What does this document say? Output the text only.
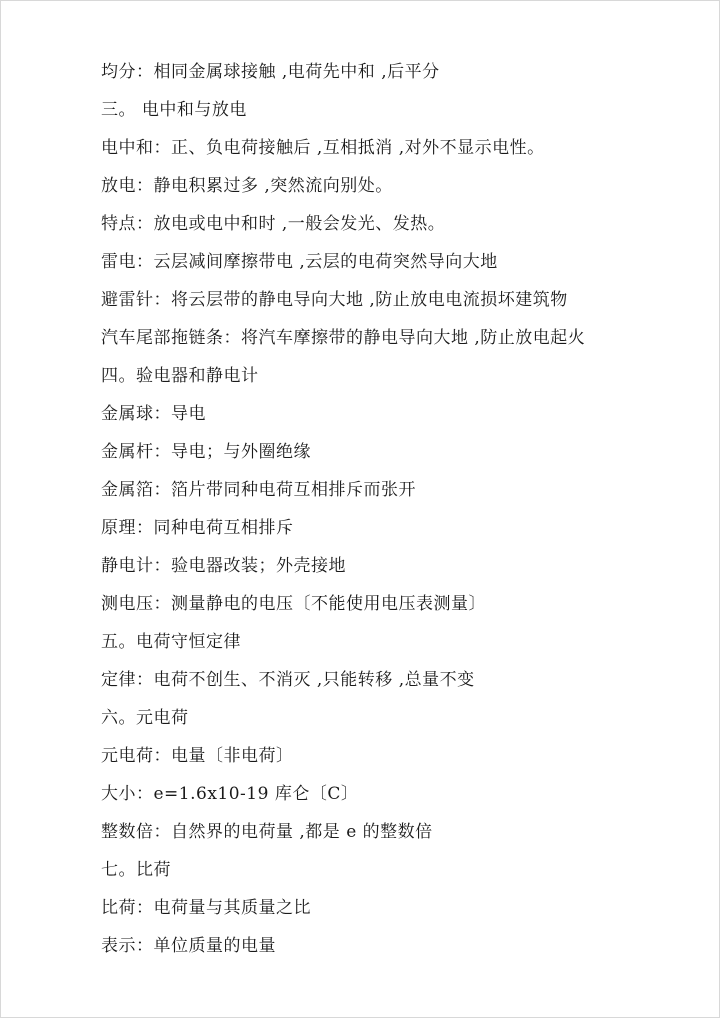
均分：相同金属球接触 ,电荷先中和 ,后平分
三。 电中和与放电
电中和：正、负电荷接触后 ,互相抵消 ,对外不显示电性。
放电：静电积累过多 ,突然流向别处。
特点：放电或电中和时 ,一般会发光、发热。
雷电：云层减间摩擦带电 ,云层的电荷突然导向大地
避雷针：将云层带的静电导向大地 ,防止放电电流损坏建筑物
汽车尾部拖链条：将汽车摩擦带的静电导向大地 ,防止放电起火
四。验电器和静电计
金属球：导电
金属杆：导电；与外圈绝缘
金属箔：箔片带同种电荷互相排斥而张开
原理：同种电荷互相排斥
静电计：验电器改装；外壳接地
测电压：测量静电的电压〔不能使用电压表测量〕
五。电荷守恒定律
定律：电荷不创生、不消灭 ,只能转移 ,总量不变
六。元电荷
元电荷：电量〔非电荷〕
大小：e=1.6x10-19 库仑〔C〕
整数倍：自然界的电荷量 ,都是 e 的整数倍
七。比荷
比荷：电荷量与其质量之比
表示：单位质量的电量
